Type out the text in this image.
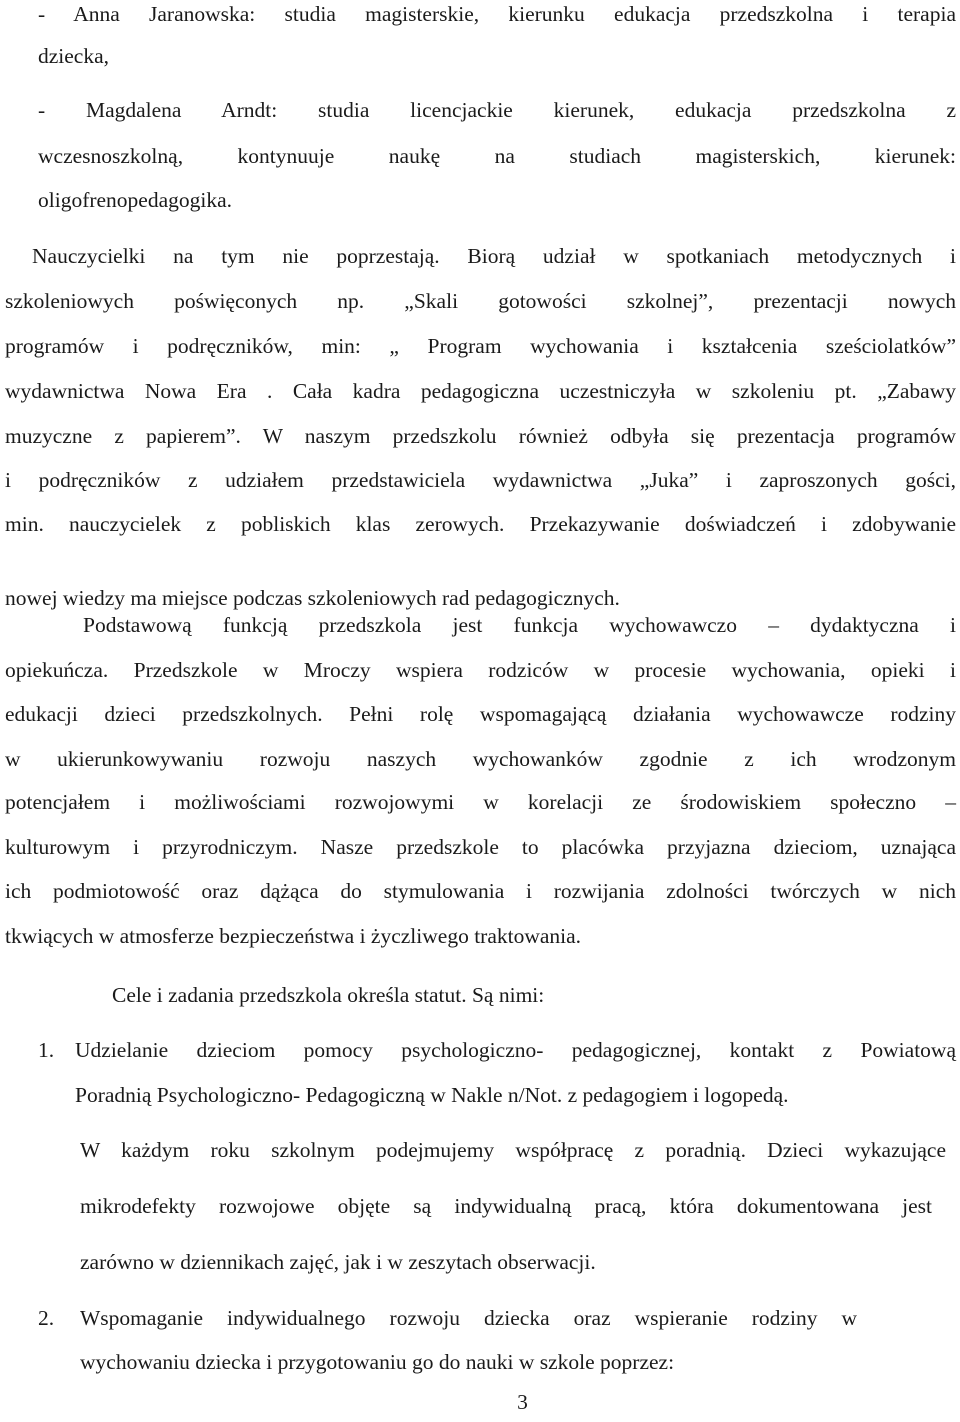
- Anna Jaranowska: studia magisterskie, kierunku edukacja przedszkolna i terapia
dziecka,
- Magdalena Arndt: studia licencjackie kierunek, edukacja przedszkolna z
wczesnoszkolną, kontynuuje naukę na studiach magisterskich, kierunek:
oligofrenopedagogika.
Nauczycielki na tym nie poprzestają. Biorą udział w spotkaniach metodycznych i
szkoleniowych poświęconych np. „Skali gotowości szkolnej”, prezentacji nowych
programów i podręczników, min: „ Program wychowania i kształcenia sześciolatków”
wydawnictwa Nowa Era . Cała kadra pedagogiczna uczestniczyła w szkoleniu pt. „Zabawy
muzyczne z papierem”. W naszym przedszkolu również odbyła się prezentacja programów
i podręczników z udziałem przedstawiciela wydawnictwa „Juka” i zaproszonych gości,
min. nauczycielek z pobliskich klas zerowych. Przekazywanie doświadczeń i zdobywanie
nowej wiedzy ma miejsce podczas szkoleniowych rad pedagogicznych.
Podstawową funkcją przedszkola jest funkcja wychowawczo – dydaktyczna i
opiekuńcza. Przedszkole w Mroczy wspiera rodziców w procesie wychowania, opieki i
edukacji dzieci przedszkolnych. Pełni rolę wspomagającą działania wychowawcze rodziny
w ukierunkowywaniu rozwoju naszych wychowanków zgodnie z ich wrodzonym
potencjałem i możliwościami rozwojowymi w korelacji ze środowiskiem społeczno –
kulturowym i przyrodniczym. Nasze przedszkole to placówka przyjazna dzieciom, uznająca
ich podmiotowość oraz dążąca do stymulowania i rozwijania zdolności twórczych w nich
tkwiących w atmosferze bezpieczeństwa i życzliwego traktowania.
Cele i zadania przedszkola określa statut. Są nimi:
1. Udzielanie dzieciom pomocy psychologiczno- pedagogicznej, kontakt z Powiatową
Poradnią Psychologiczno- Pedagogiczną w Nakle n/Not. z pedagogiem i logopedą.
W każdym roku szkolnym podejmujemy współpracę z poradnią. Dzieci wykazujące
mikrodefekty rozwojowe objęte są indywidualną pracą, która dokumentowana jest
zarówno w dziennikach zajęć, jak i w zeszytach obserwacji.
2. Wspomaganie indywidualnego rozwoju dziecka oraz wspieranie rodziny w
wychowaniu dziecka i przygotowaniu go do nauki w szkole poprzez:
3
